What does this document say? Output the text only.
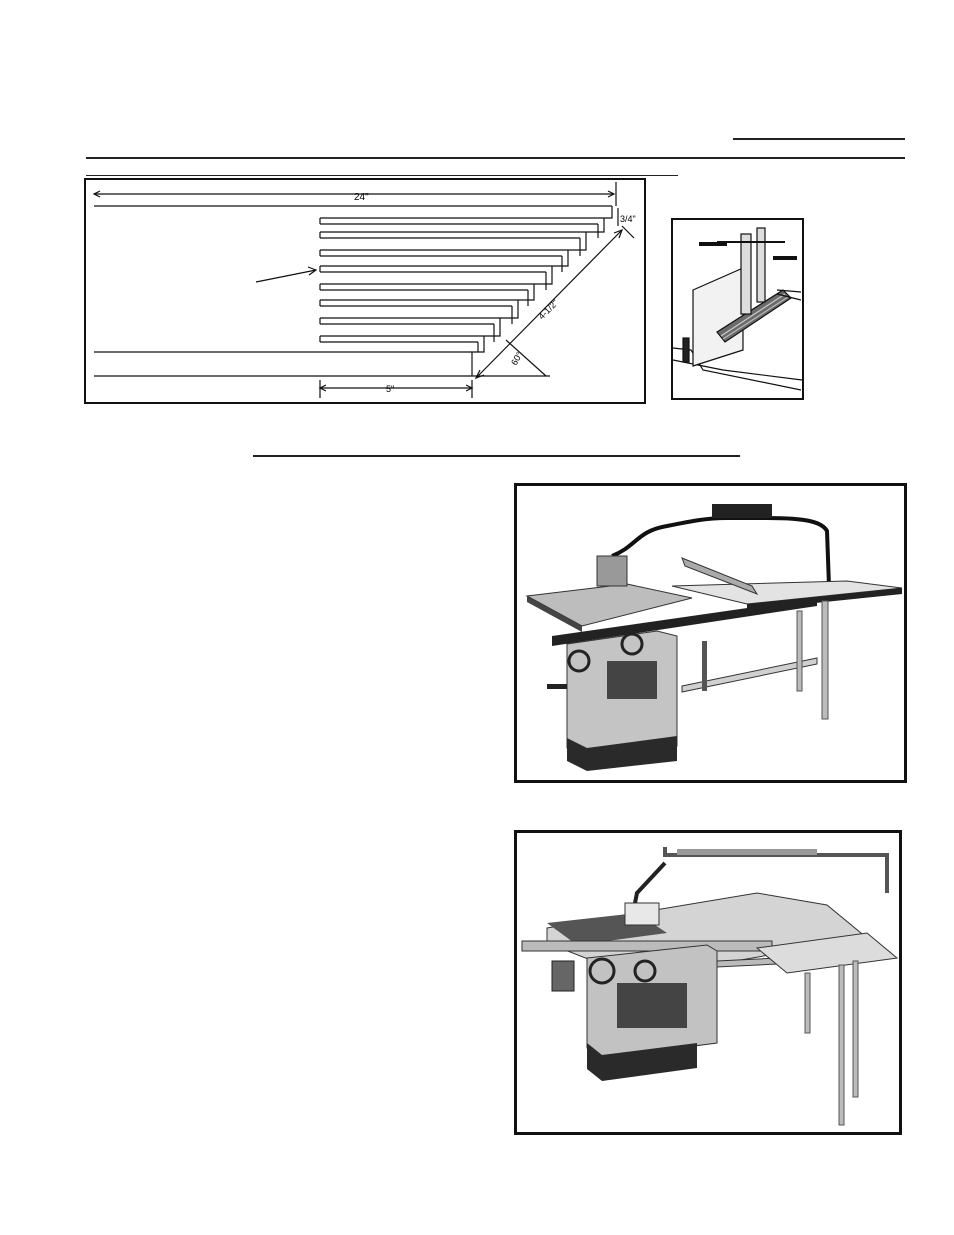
24"
3/4"
4-1/2"
5"
60°
